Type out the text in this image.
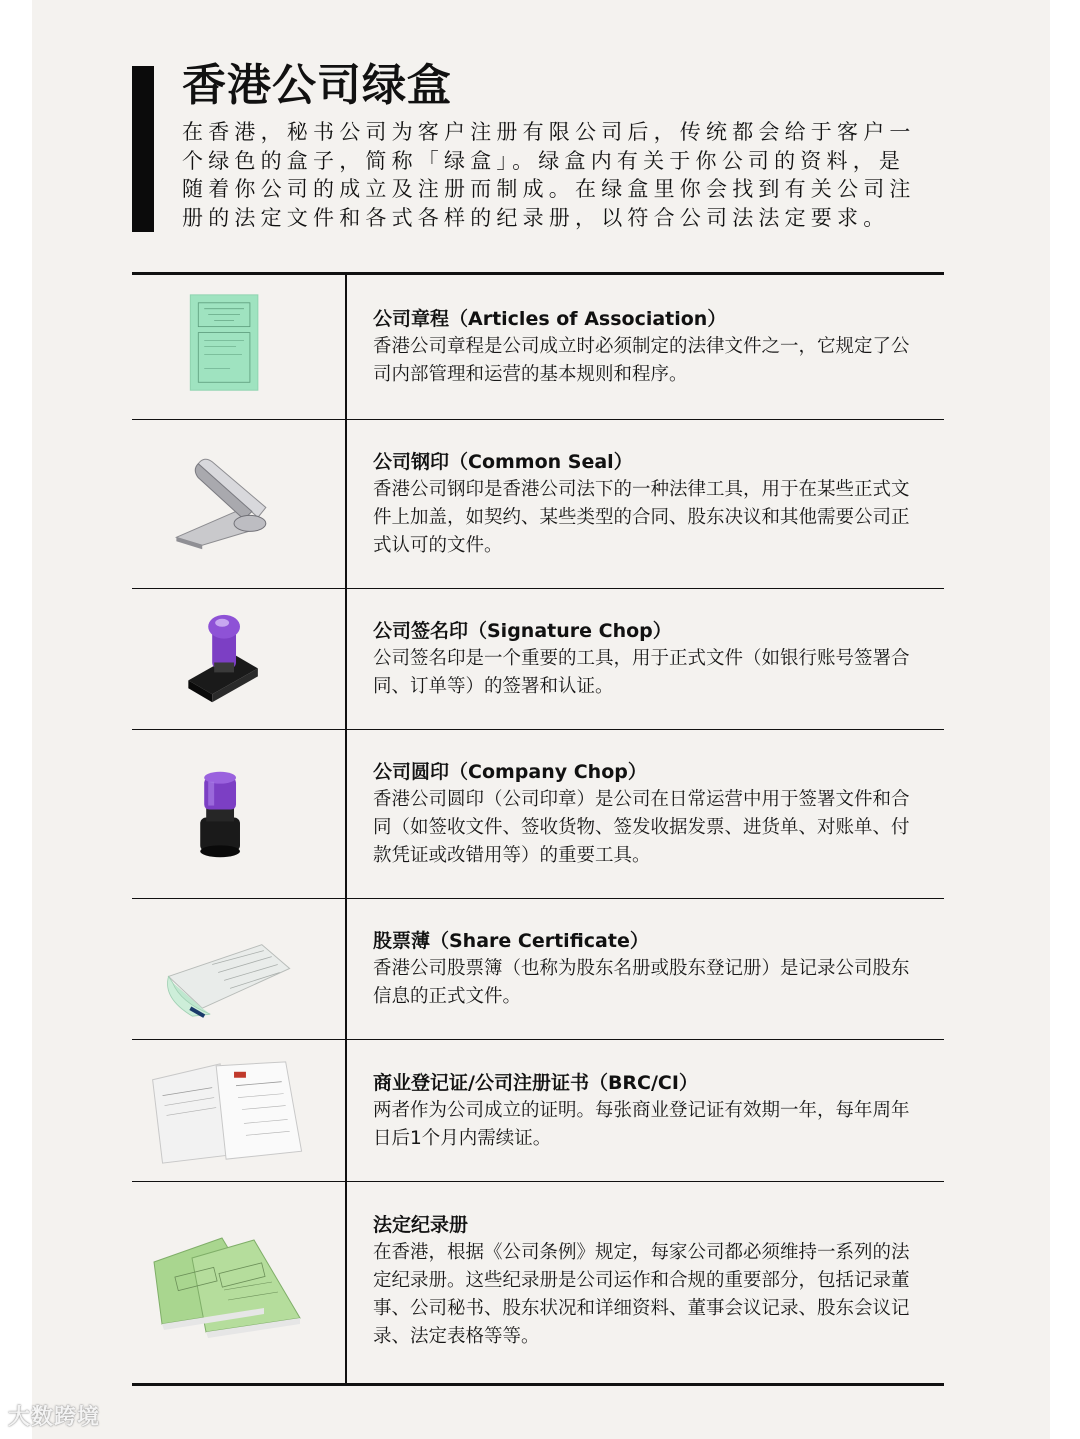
香港公司绿盒

在香港，秘书公司为客户注册有限公司后，传统都会给于客户一个绿色的盒子，简称「绿盒」。绿盒内有关于你公司的资料，是随着你公司的成立及注册而制成。在绿盒里你会找到有关公司注册的法定文件和各式各样的纪录册，以符合公司法法定要求。

公司章程（Articles of Association）

香港公司章程是公司成立时必须制定的法律文件之一，它规定了公司内部管理和运营的基本规则和程序。

公司钢印（Common Seal）

香港公司钢印是香港公司法下的一种法律工具，用于在某些正式文件上加盖，如契约、某些类型的合同、股东决议和其他需要公司正式认可的文件。

公司签名印（Signature Chop）

公司签名印是一个重要的工具，用于正式文件（如银行账号签署合同、订单等）的签署和认证。

公司圆印（Company Chop）

香港公司圆印（公司印章）是公司在日常运营中用于签署文件和合同（如签收文件、签收货物、签发收据发票、进货单、对账单、付款凭证或改错用等）的重要工具。

股票薄（Share Certificate）

香港公司股票簿（也称为股东名册或股东登记册）是记录公司股东信息的正式文件。

商业登记证/公司注册证书（BRC/CI）

两者作为公司成立的证明。每张商业登记证有效期一年，每年周年日后1个月内需续证。

法定纪录册

在香港，根据《公司条例》规定，每家公司都必须维持一系列的法定纪录册。这些纪录册是公司运作和合规的重要部分，包括记录董事、公司秘书、股东状况和详细资料、董事会议记录、股东会议记录、法定表格等等。

大数跨境
